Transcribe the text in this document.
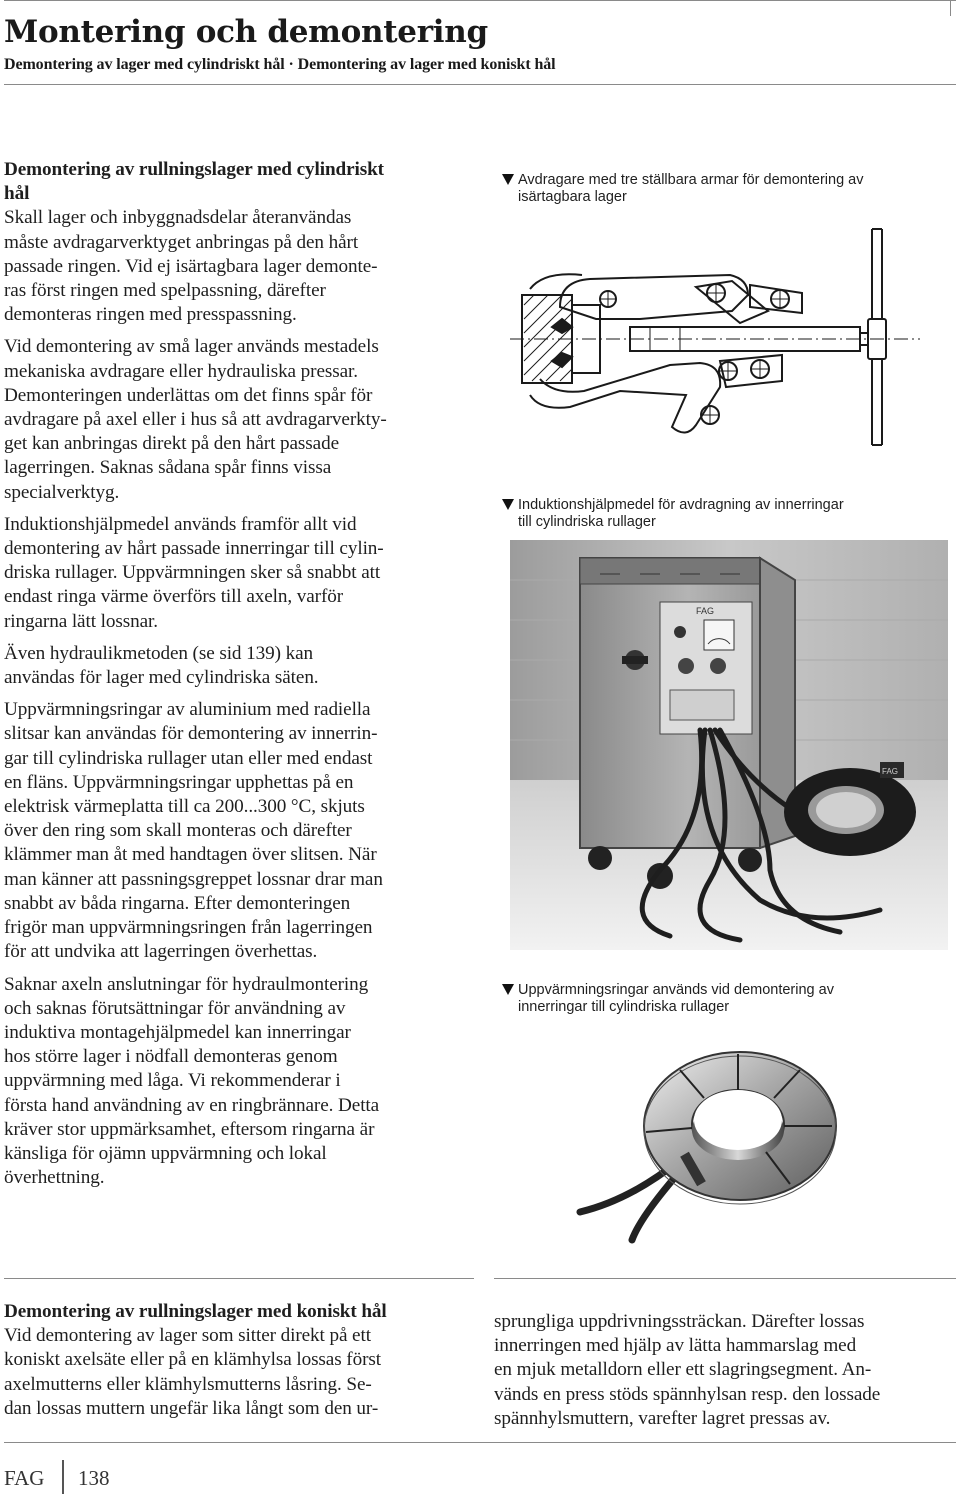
Montering och demontering
Demontering av lager med cylindriskt hål · Demontering av lager med koniskt hål
Demontering av rullningslager med cylindriskt
hål

Skall lager och inbyggnadsdelar återanvändas
måste avdragarverktyget anbringas på den hårt
passade ringen. Vid ej isärtagbara lager demonte-
ras först ringen med spelpassning, därefter
demonteras ringen med presspassning.

Vid demontering av små lager används mestadels
mekaniska avdragare eller hydrauliska pressar.
Demonteringen underlättas om det finns spår för
avdragare på axel eller i hus så att avdragarverkty-
get kan anbringas direkt på den hårt passade
lagerringen. Saknas sådana spår finns vissa
specialverktyg.

Induktionshjälpmedel används framför allt vid
demontering av hårt passade innerringar till cylin-
driska rullager. Uppvärmningen sker så snabbt att
endast ringa värme överförs till axeln, varför
ringarna lätt lossnar.

Även hydraulikmetoden (se sid 139) kan
användas för lager med cylindriska säten.

Uppvärmningsringar av aluminium med radiella
slitsar kan användas för demontering av innerrin-
gar till cylindriska rullager utan eller med endast
en fläns. Uppvärmningsringar upphettas på en
elektrisk värmeplatta till ca 200...300 °C, skjuts
över den ring som skall monteras och därefter
klämmer man åt med handtagen över slitsen. När
man känner att passningsgreppet lossnar drar man
snabbt av båda ringarna. Efter demonteringen
frigör man uppvärmningsringen från lagerringen
för att undvika att lagerringen överhettas.

Saknar axeln anslutningar för hydraulmontering
och saknas förutsättningar för användning av
induktiva montagehjälpmedel kan innerringar
hos större lager i nödfall demonteras genom
uppvärmning med låga. Vi rekommenderar i
första hand användning av en ringbrännare. Detta
kräver stor uppmärksamhet, eftersom ringarna är
känsliga för ojämn uppvärmning och lokal
överhettning.

Avdragare med tre ställbara armar för demontering av
isärtagbara lager
Induktionshjälpmedel för avdragning av innerringar
till cylindriska rullager
FAG
FAG
Uppvärmningsringar används vid demontering av
innerringar till cylindriska rullager
Demontering av rullningslager med koniskt hål
Vid demontering av lager som sitter direkt på ett
koniskt axelsäte eller på en klämhylsa lossas först
axelmutterns eller klämhylsmutterns låsring. Se-
dan lossas muttern ungefär lika långt som den ur-
sprungliga uppdrivningssträckan. Därefter lossas
innerringen med hjälp av lätta hammarslag med
en mjuk metalldorn eller ett slagringsegment. An-
vänds en press stöds spännhylsan resp. den lossade
spännhylsmuttern, varefter lagret pressas av.
FAG 138
